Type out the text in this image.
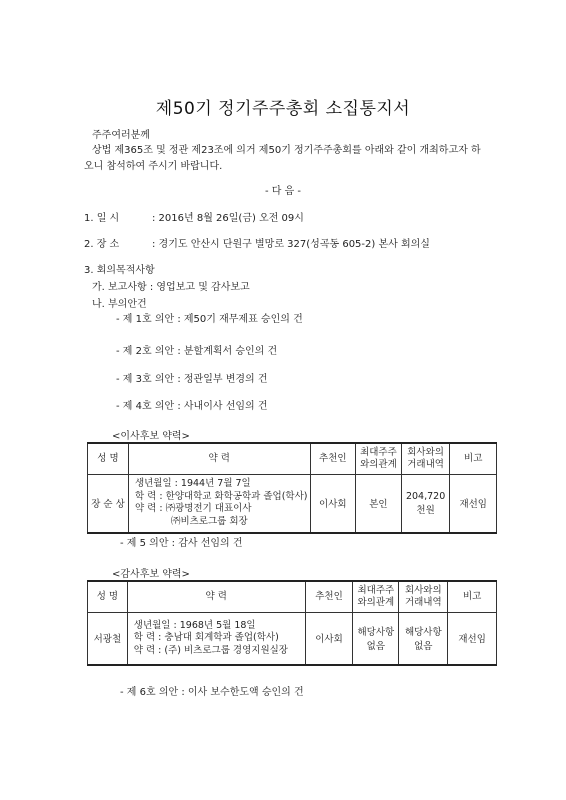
제50기 정기주주총회 소집통지서
주주여러분께
상법 제365조 및 정관 제23조에 의거 제50기 정기주주총회를 아래와 같이 개최하고자 하
오니 참석하여 주시기 바랍니다.
- 다 음 -
1. 일 시	: 2016년 8월 26일(금) 오전 09시
2. 장 소	: 경기도 안산시 단원구 별망로 327(성곡동 605-2) 본사 회의실
3. 회의목적사항
가. 보고사항 : 영업보고 및 감사보고
나. 부의안건
- 제 1호 의안 : 제50기 재무제표 승인의 건
- 제 2호 의안 : 분할계획서 승인의 건
- 제 3호 의안 : 정관일부 변경의 건
- 제 4호 의안 : 사내이사 선임의 건
<이사후보 약력>
성 명	약 력	추천인	최대주주
와의관계	회사와의
거래내역	비고
장 순 상	생년월일 : 1944년 7월 7일
학 력 : 한양대학교 화학공학과 졸업(학사)
약 력 : ㈜광명전기 대표이사
㈜비츠로그룹 회장	이사회	본인	204,720
천원	재선임
- 제 5 의안 : 감사 선임의 건
<감사후보 약력>
성 명	약 력	추천인	최대주주
와의관계	회사와의
거래내역	비고
서광철	생년월일 : 1968년 5월 18일
학 력 : 충남대 회계학과 졸업(학사)
약 력 : (주) 비츠로그룹 경영지원실장	이사회	해당사항
없음	해당사항
없음	재선임
- 제 6호 의안 : 이사 보수한도액 승인의 건
